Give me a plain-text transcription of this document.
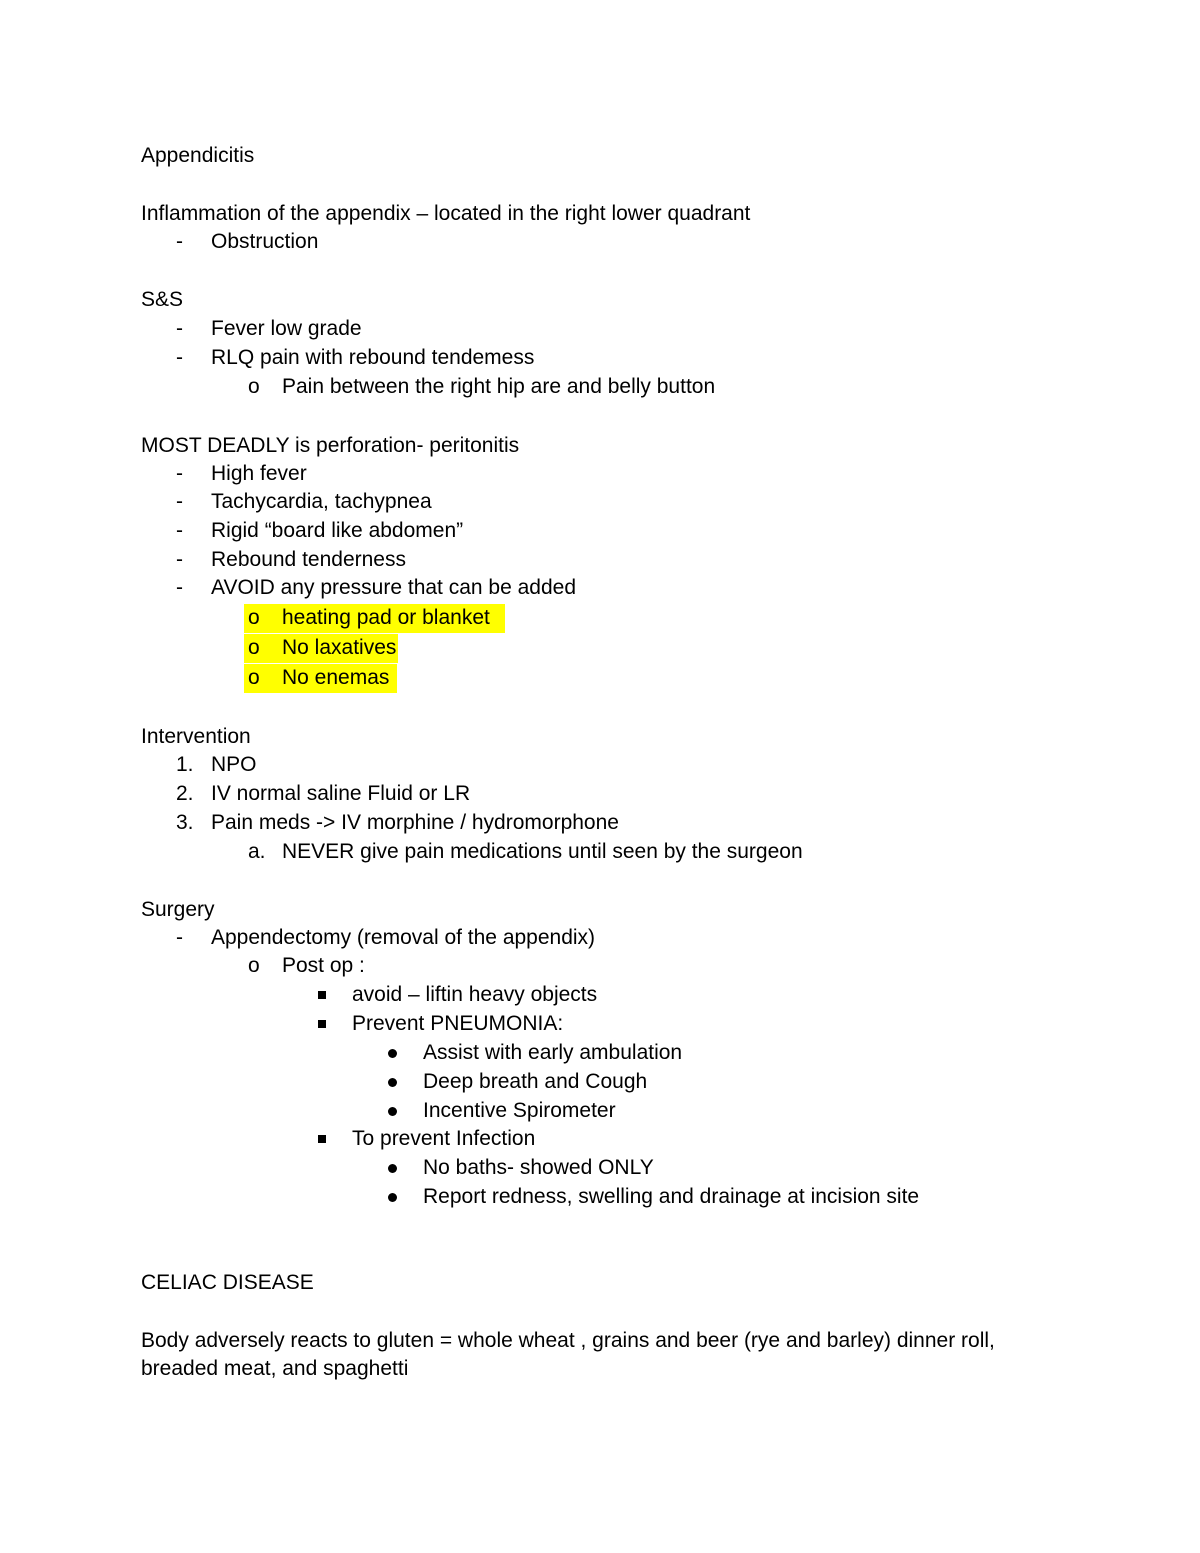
Appendicitis
Inflammation of the appendix – located in the right lower quadrant
- Obstruction
S&S
- Fever low grade
- RLQ pain with rebound tendemess
o Pain between the right hip are and belly button
MOST DEADLY is perforation- peritonitis
- High fever
- Tachycardia, tachypnea
- Rigid “board like abdomen”
- Rebound tenderness
- AVOID any pressure that can be added
o heating pad or blanket
o No laxatives
o No enemas
Intervention
1. NPO
2. IV normal saline Fluid or LR
3. Pain meds -> IV morphine / hydromorphone
a. NEVER give pain medications until seen by the surgeon
Surgery
- Appendectomy (removal of the appendix)
o Post op :
avoid – liftin heavy objects
Prevent PNEUMONIA:
Assist with early ambulation
Deep breath and Cough
Incentive Spirometer
To prevent Infection
No baths- showed ONLY
Report redness, swelling and drainage at incision site
CELIAC DISEASE
Body adversely reacts to gluten = whole wheat , grains and beer (rye and barley) dinner roll,
breaded meat, and spaghetti
